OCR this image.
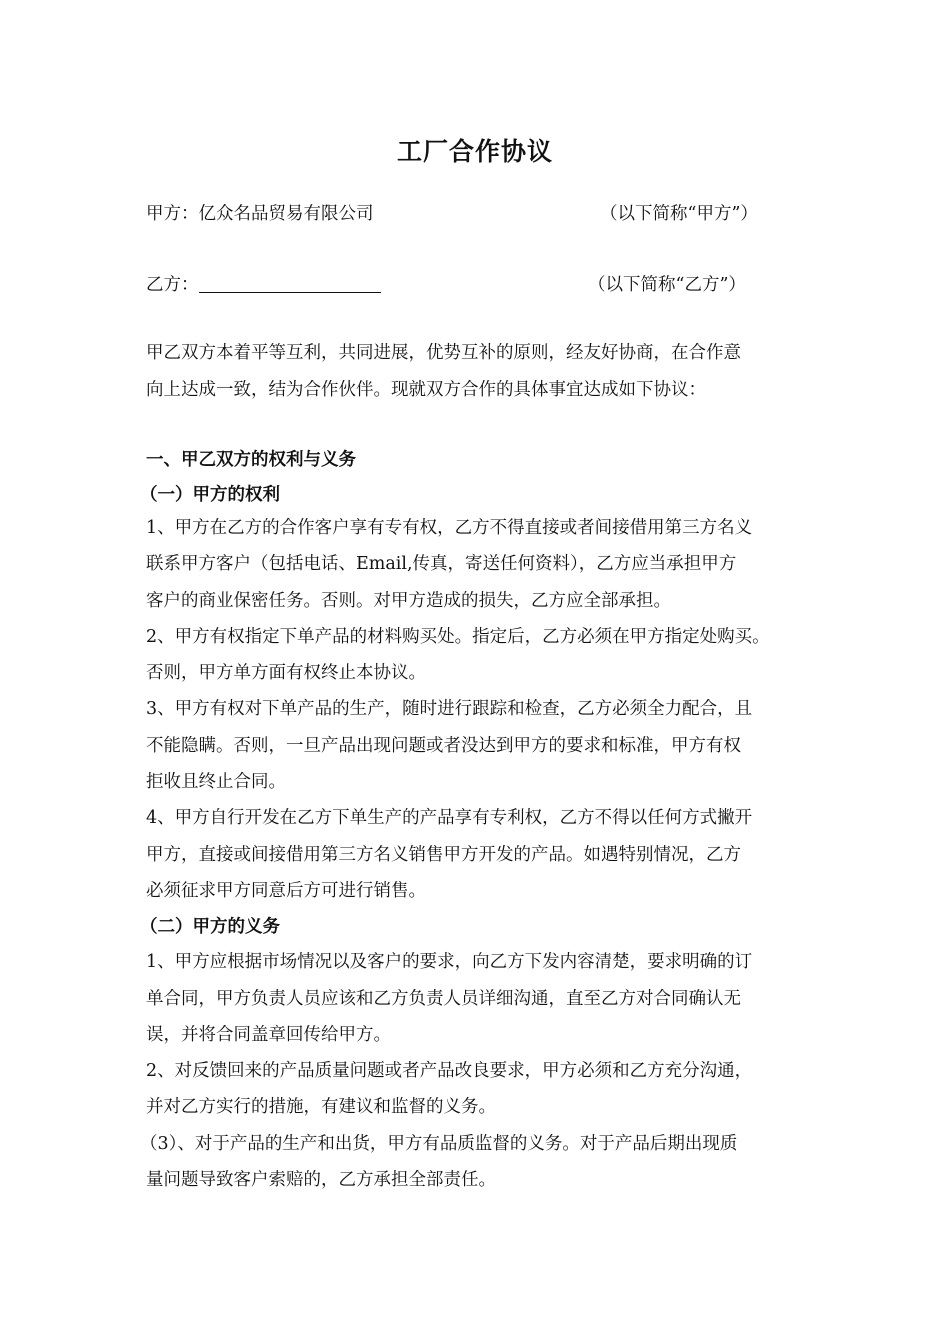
工厂合作协议
甲方：亿众名品贸易有限公司	（以下简称“甲方”）
乙方：	（以下简称“乙方”）
甲乙双方本着平等互利，共同进展，优势互补的原则，经友好协商，在合作意
向上达成一致，结为合作伙伴。现就双方合作的具体事宜达成如下协议：
一、甲乙双方的权利与义务
（一）甲方的权利
1、甲方在乙方的合作客户享有专有权，乙方不得直接或者间接借用第三方名义
联系甲方客户（包括电话、Email,传真，寄送任何资料），乙方应当承担甲方
客户的商业保密任务。否则。对甲方造成的损失，乙方应全部承担。
2、甲方有权指定下单产品的材料购买处。指定后，乙方必须在甲方指定处购买。
否则，甲方单方面有权终止本协议。
3、甲方有权对下单产品的生产，随时进行跟踪和检查，乙方必须全力配合，且
不能隐瞒。否则，一旦产品出现问题或者没达到甲方的要求和标准，甲方有权
拒收且终止合同。
4、甲方自行开发在乙方下单生产的产品享有专利权，乙方不得以任何方式撇开
甲方，直接或间接借用第三方名义销售甲方开发的产品。如遇特别情况，乙方
必须征求甲方同意后方可进行销售。
（二）甲方的义务
1、甲方应根据市场情况以及客户的要求，向乙方下发内容清楚，要求明确的订
单合同，甲方负责人员应该和乙方负责人员详细沟通，直至乙方对合同确认无
误，并将合同盖章回传给甲方。
2、对反馈回来的产品质量问题或者产品改良要求，甲方必须和乙方充分沟通，
并对乙方实行的措施，有建议和监督的义务。
（3）、对于产品的生产和出货，甲方有品质监督的义务。对于产品后期出现质
量问题导致客户索赔的，乙方承担全部责任。
